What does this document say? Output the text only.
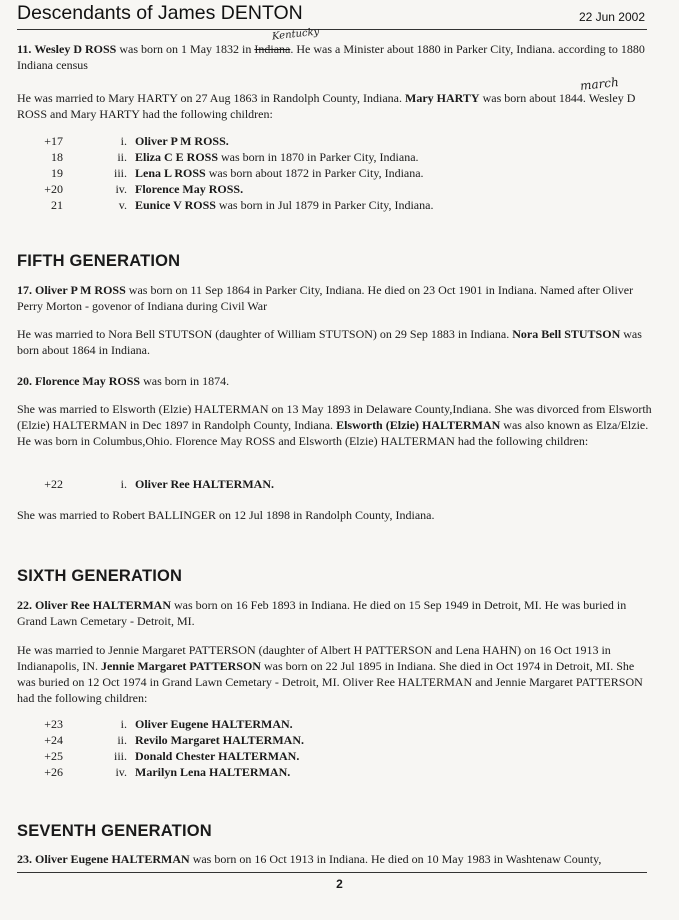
Descendants of James DENTON	22 Jun 2002
Kentucky
march

11. Wesley D ROSS was born on 1 May 1832 in Indiana. He was a Minister about 1880 in Parker City, Indiana. according to 1880 Indiana census

He was married to Mary HARTY on 27 Aug 1863 in Randolph County, Indiana. Mary HARTY was born about 1844. Wesley D ROSS and Mary HARTY had the following children:

+17	i. Oliver P M ROSS.
18	ii. Eliza C E ROSS was born in 1870 in Parker City, Indiana.
19	iii. Lena L ROSS was born about 1872 in Parker City, Indiana.
+20	iv. Florence May ROSS.
21	v. Eunice V ROSS was born in Jul 1879 in Parker City, Indiana.
FIFTH GENERATION

17. Oliver P M ROSS was born on 11 Sep 1864 in Parker City, Indiana. He died on 23 Oct 1901 in Indiana. Named after Oliver Perry Morton - govenor of Indiana during Civil War

He was married to Nora Bell STUTSON (daughter of William STUTSON) on 29 Sep 1883 in Indiana. Nora Bell STUTSON was born about 1864 in Indiana.

20. Florence May ROSS was born in 1874.

She was married to Elsworth (Elzie) HALTERMAN on 13 May 1893 in Delaware County,Indiana. She was divorced from Elsworth (Elzie) HALTERMAN in Dec 1897 in Randolph County, Indiana. Elsworth (Elzie) HALTERMAN was also known as Elza/Elzie. He was born in Columbus,Ohio. Florence May ROSS and Elsworth (Elzie) HALTERMAN had the following children:

+22	i. Oliver Ree HALTERMAN.

She was married to Robert BALLINGER on 12 Jul 1898 in Randolph County, Indiana.

SIXTH GENERATION

22. Oliver Ree HALTERMAN was born on 16 Feb 1893 in Indiana. He died on 15 Sep 1949 in Detroit, MI. He was buried in Grand Lawn Cemetary - Detroit, MI.

He was married to Jennie Margaret PATTERSON (daughter of Albert H PATTERSON and Lena HAHN) on 16 Oct 1913 in Indianapolis, IN. Jennie Margaret PATTERSON was born on 22 Jul 1895 in Indiana. She died in Oct 1974 in Detroit, MI. She was buried on 12 Oct 1974 in Grand Lawn Cemetary - Detroit, MI. Oliver Ree HALTERMAN and Jennie Margaret PATTERSON had the following children:

+23	i. Oliver Eugene HALTERMAN.
+24	ii. Revilo Margaret HALTERMAN.
+25	iii. Donald Chester HALTERMAN.
+26	iv. Marilyn Lena HALTERMAN.
SEVENTH GENERATION

23. Oliver Eugene HALTERMAN was born on 16 Oct 1913 in Indiana. He died on 10 May 1983 in Washtenaw County,

2
